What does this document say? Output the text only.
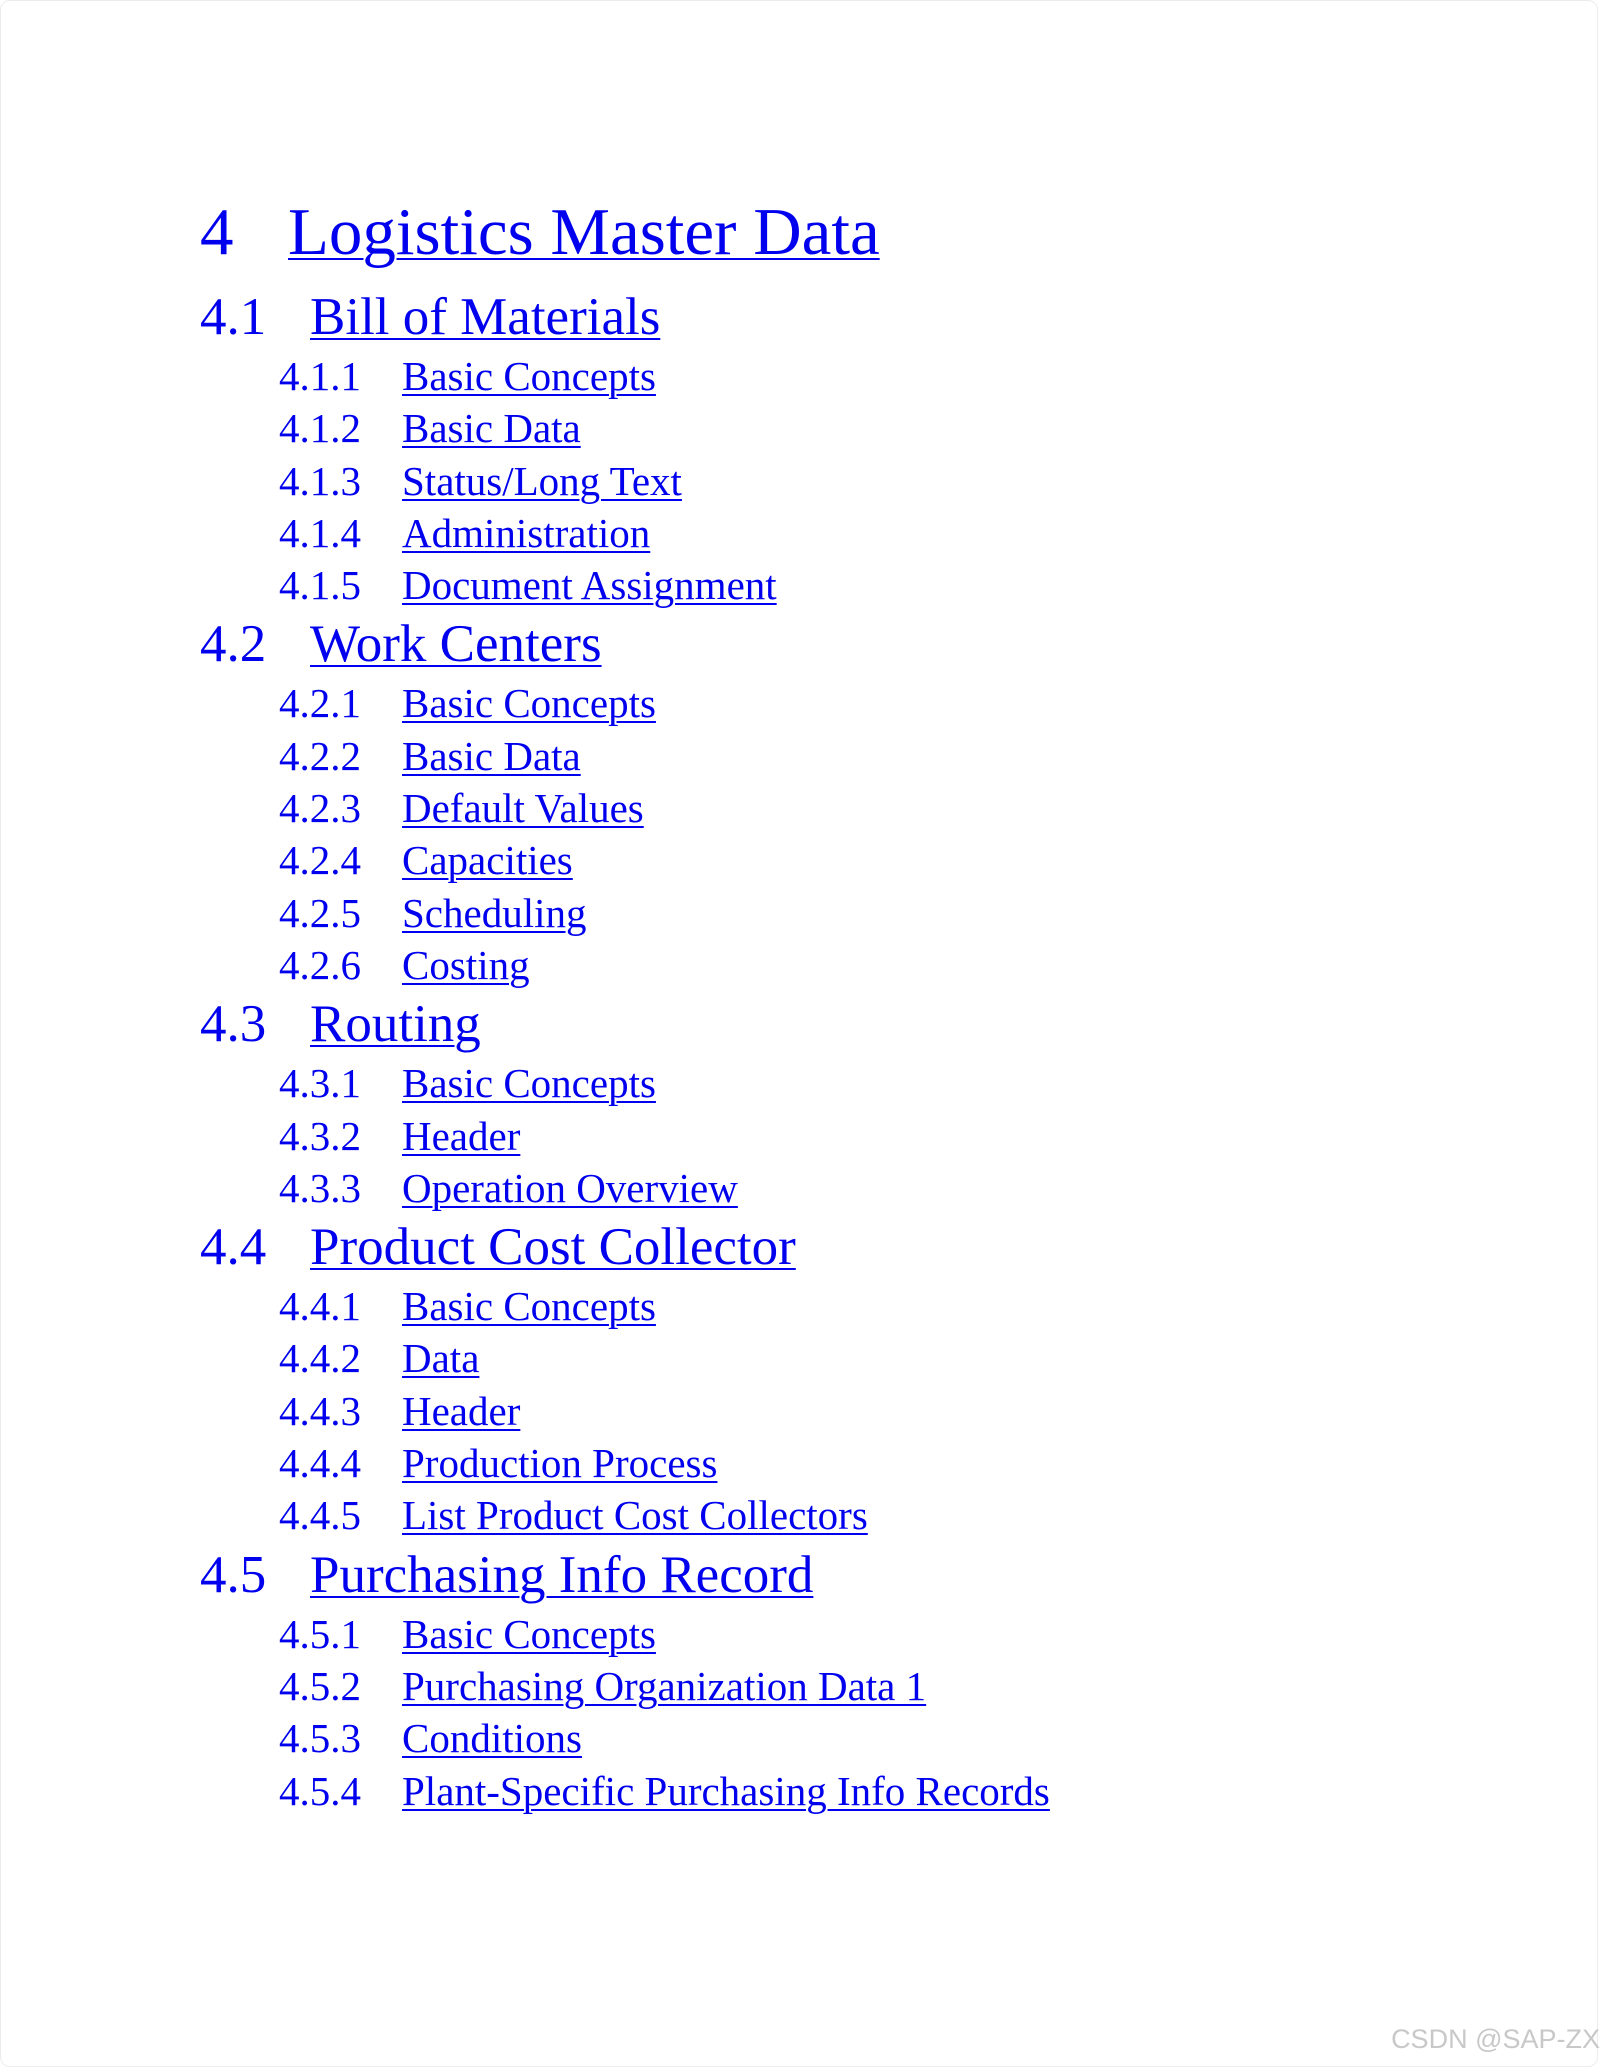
4 Logistics Master Data
4.1 Bill of Materials
4.1.1 Basic Concepts
4.1.2 Basic Data
4.1.3 Status/Long Text
4.1.4 Administration
4.1.5 Document Assignment
4.2 Work Centers
4.2.1 Basic Concepts
4.2.2 Basic Data
4.2.3 Default Values
4.2.4 Capacities
4.2.5 Scheduling
4.2.6 Costing
4.3 Routing
4.3.1 Basic Concepts
4.3.2 Header
4.3.3 Operation Overview
4.4 Product Cost Collector
4.4.1 Basic Concepts
4.4.2 Data
4.4.3 Header
4.4.4 Production Process
4.4.5 List Product Cost Collectors
4.5 Purchasing Info Record
4.5.1 Basic Concepts
4.5.2 Purchasing Organization Data 1
4.5.3 Conditions
4.5.4 Plant-Specific Purchasing Info Records
CSDN @SAP-ZX
